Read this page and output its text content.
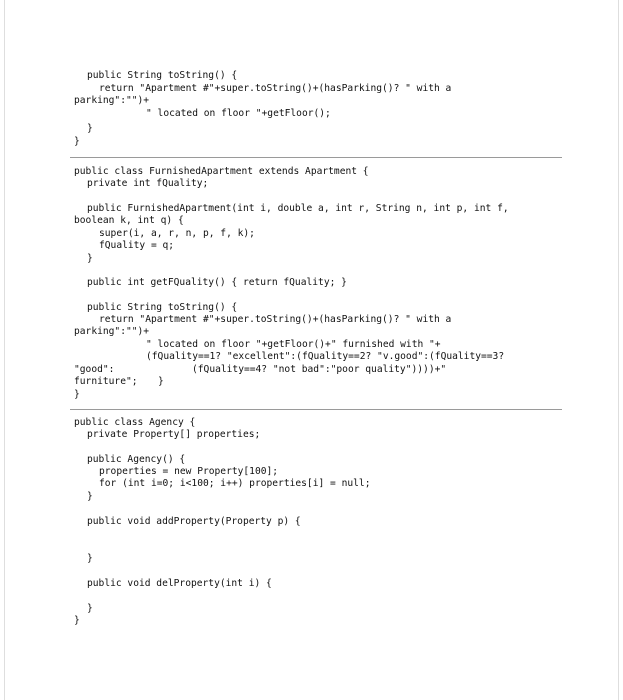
public String toString() {
return "Apartment #"+super.toString()+(hasParking()? " with a
parking":"")+
" located on floor "+getFloor();
}
}
public class FurnishedApartment extends Apartment {
private int fQuality;
public FurnishedApartment(int i, double a, int r, String n, int p, int f,
boolean k, int q) {
super(i, a, r, n, p, f, k);
fQuality = q;
}
public int getFQuality() { return fQuality; }
public String toString() {
return "Apartment #"+super.toString()+(hasParking()? " with a
parking":"")+
" located on floor "+getFloor()+" furnished with "+
(fQuality==1? "excellent":(fQuality==2? "v.good":(fQuality==3?
"good":	(fQuality==4? "not bad":"poor quality"))))+"
furniture"; }
}
public class Agency {
private Property[] properties;
public Agency() {
properties = new Property[100];
for (int i=0; i<100; i++) properties[i] = null;
}
public void addProperty(Property p) {
}
public void delProperty(int i) {
}
}
